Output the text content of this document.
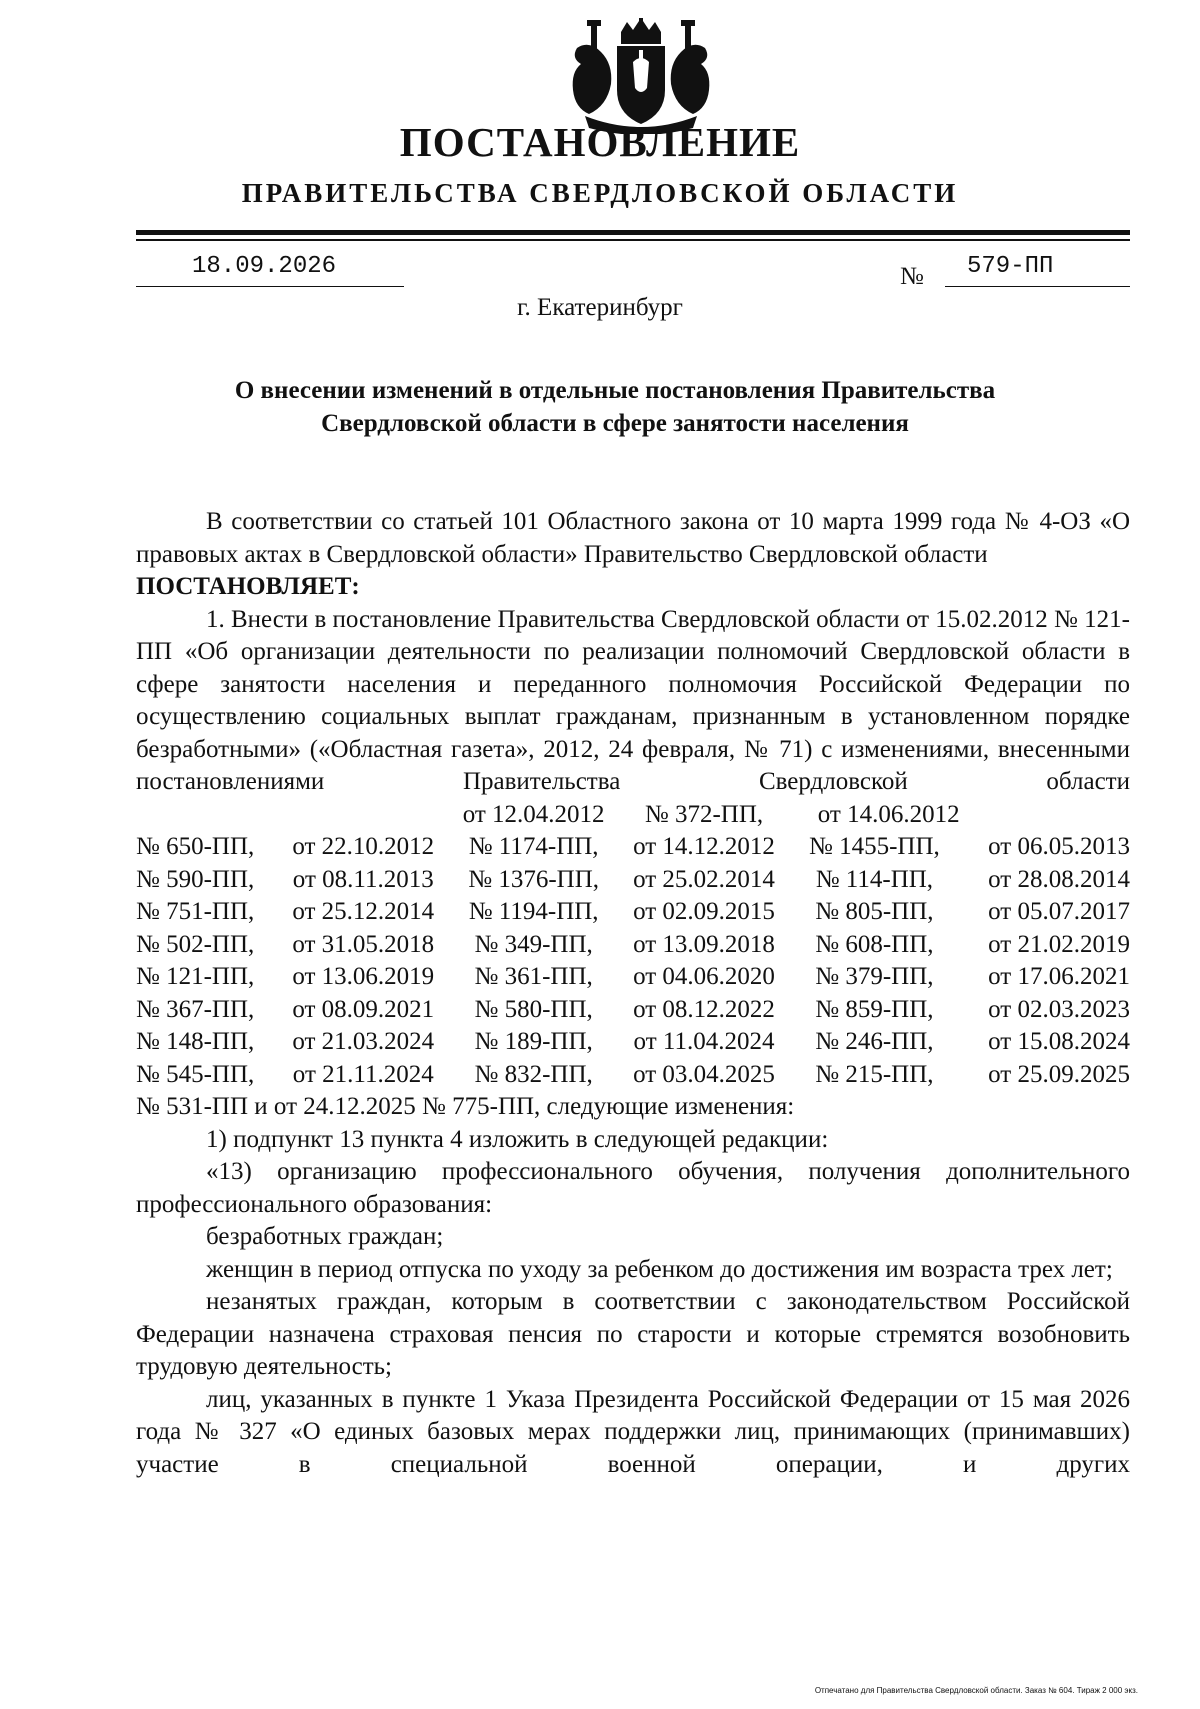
ПОСТАНОВЛЕНИЕ
ПРАВИТЕЛЬСТВА СВЕРДЛОВСКОЙ ОБЛАСТИ
18.09.2026	№ 579-ПП
г. Екатеринбург
О внесении изменений в отдельные постановления Правительства
Свердловской области в сфере занятости населения

В соответствии со статьей 101 Областного закона от 10 марта 1999 года № 4-ОЗ «О правовых актах в Свердловской области» Правительство Свердловской области

ПОСТАНОВЛЯЕТ:

1. Внести в постановление Правительства Свердловской области от 15.02.2012 № 121-ПП «Об организации деятельности по реализации полномочий Свердловской области в сфере занятости населения и переданного полномочия Российской Федерации по осуществлению социальных выплат гражданам, признанным в установленном порядке безработными» («Областная газета», 2012, 24 февраля, № 71) с изменениями, внесенными постановлениями Правительства Свердловской области

		от 12.04.2012	№ 372-ПП,	от 14.06.2012	
№ 650-ПП,	от 22.10.2012	№ 1174-ПП,	от 14.12.2012	№ 1455-ПП,	от 06.05.2013
№ 590-ПП,	от 08.11.2013	№ 1376-ПП,	от 25.02.2014	№ 114-ПП,	от 28.08.2014
№ 751-ПП,	от 25.12.2014	№ 1194-ПП,	от 02.09.2015	№ 805-ПП,	от 05.07.2017
№ 502-ПП,	от 31.05.2018	№ 349-ПП,	от 13.09.2018	№ 608-ПП,	от 21.02.2019
№ 121-ПП,	от 13.06.2019	№ 361-ПП,	от 04.06.2020	№ 379-ПП,	от 17.06.2021
№ 367-ПП,	от 08.09.2021	№ 580-ПП,	от 08.12.2022	№ 859-ПП,	от 02.03.2023
№ 148-ПП,	от 21.03.2024	№ 189-ПП,	от 11.04.2024	№ 246-ПП,	от 15.08.2024
№ 545-ПП,	от 21.11.2024	№ 832-ПП,	от 03.04.2025	№ 215-ПП,	от 25.09.2025

№ 531-ПП и от 24.12.2025 № 775-ПП, следующие изменения:

1) подпункт 13 пункта 4 изложить в следующей редакции:

«13) организацию профессионального обучения, получения дополнительного профессионального образования:

безработных граждан;

женщин в период отпуска по уходу за ребенком до достижения им возраста трех лет;

незанятых граждан, которым в соответствии с законодательством Российской Федерации назначена страховая пенсия по старости и которые стремятся возобновить трудовую деятельность;

лиц, указанных в пункте 1 Указа Президента Российской Федерации от 15 мая 2026 года № 327 «О единых базовых мерах поддержки лиц, принимающих (принимавших) участие в специальной военной операции, и других

Отпечатано для Правительства Свердловской области. Заказ № 604. Тираж 2 000 экз.
